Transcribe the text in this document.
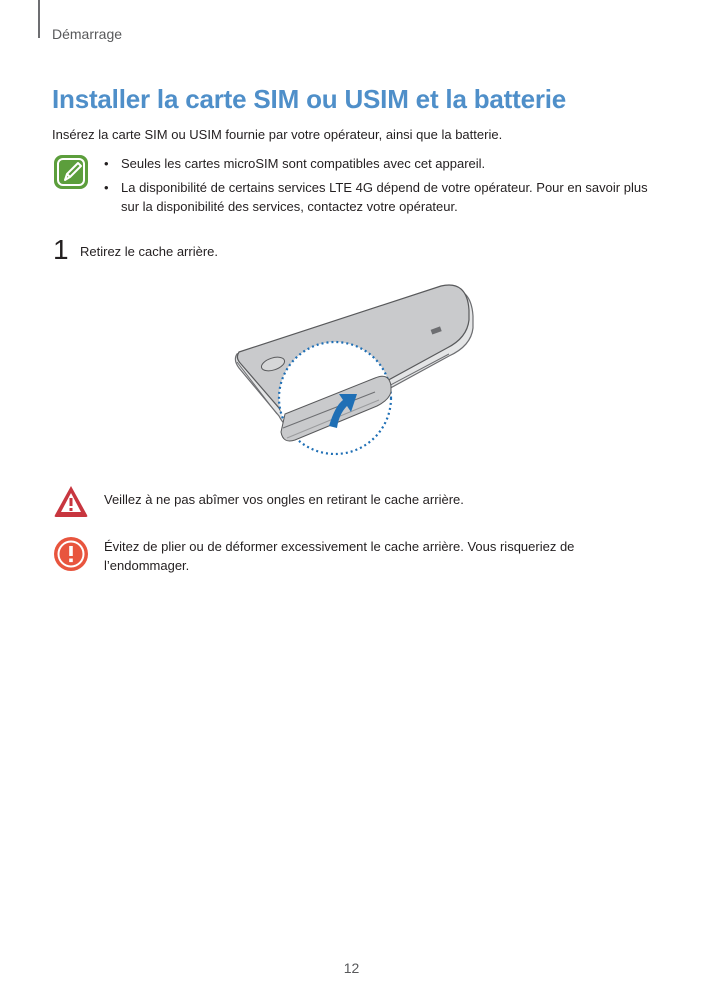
Démarrage
Installer la carte SIM ou USIM et la batterie
Insérez la carte SIM ou USIM fournie par votre opérateur, ainsi que la batterie.
• Seules les cartes microSIM sont compatibles avec cet appareil.
• La disponibilité de certains services LTE 4G dépend de votre opérateur. Pour en savoir plus sur la disponibilité des services, contactez votre opérateur.
1 Retirez le cache arrière.
Veillez à ne pas abîmer vos ongles en retirant le cache arrière.
Évitez de plier ou de déformer excessivement le cache arrière. Vous risqueriez de l’endommager.
12
